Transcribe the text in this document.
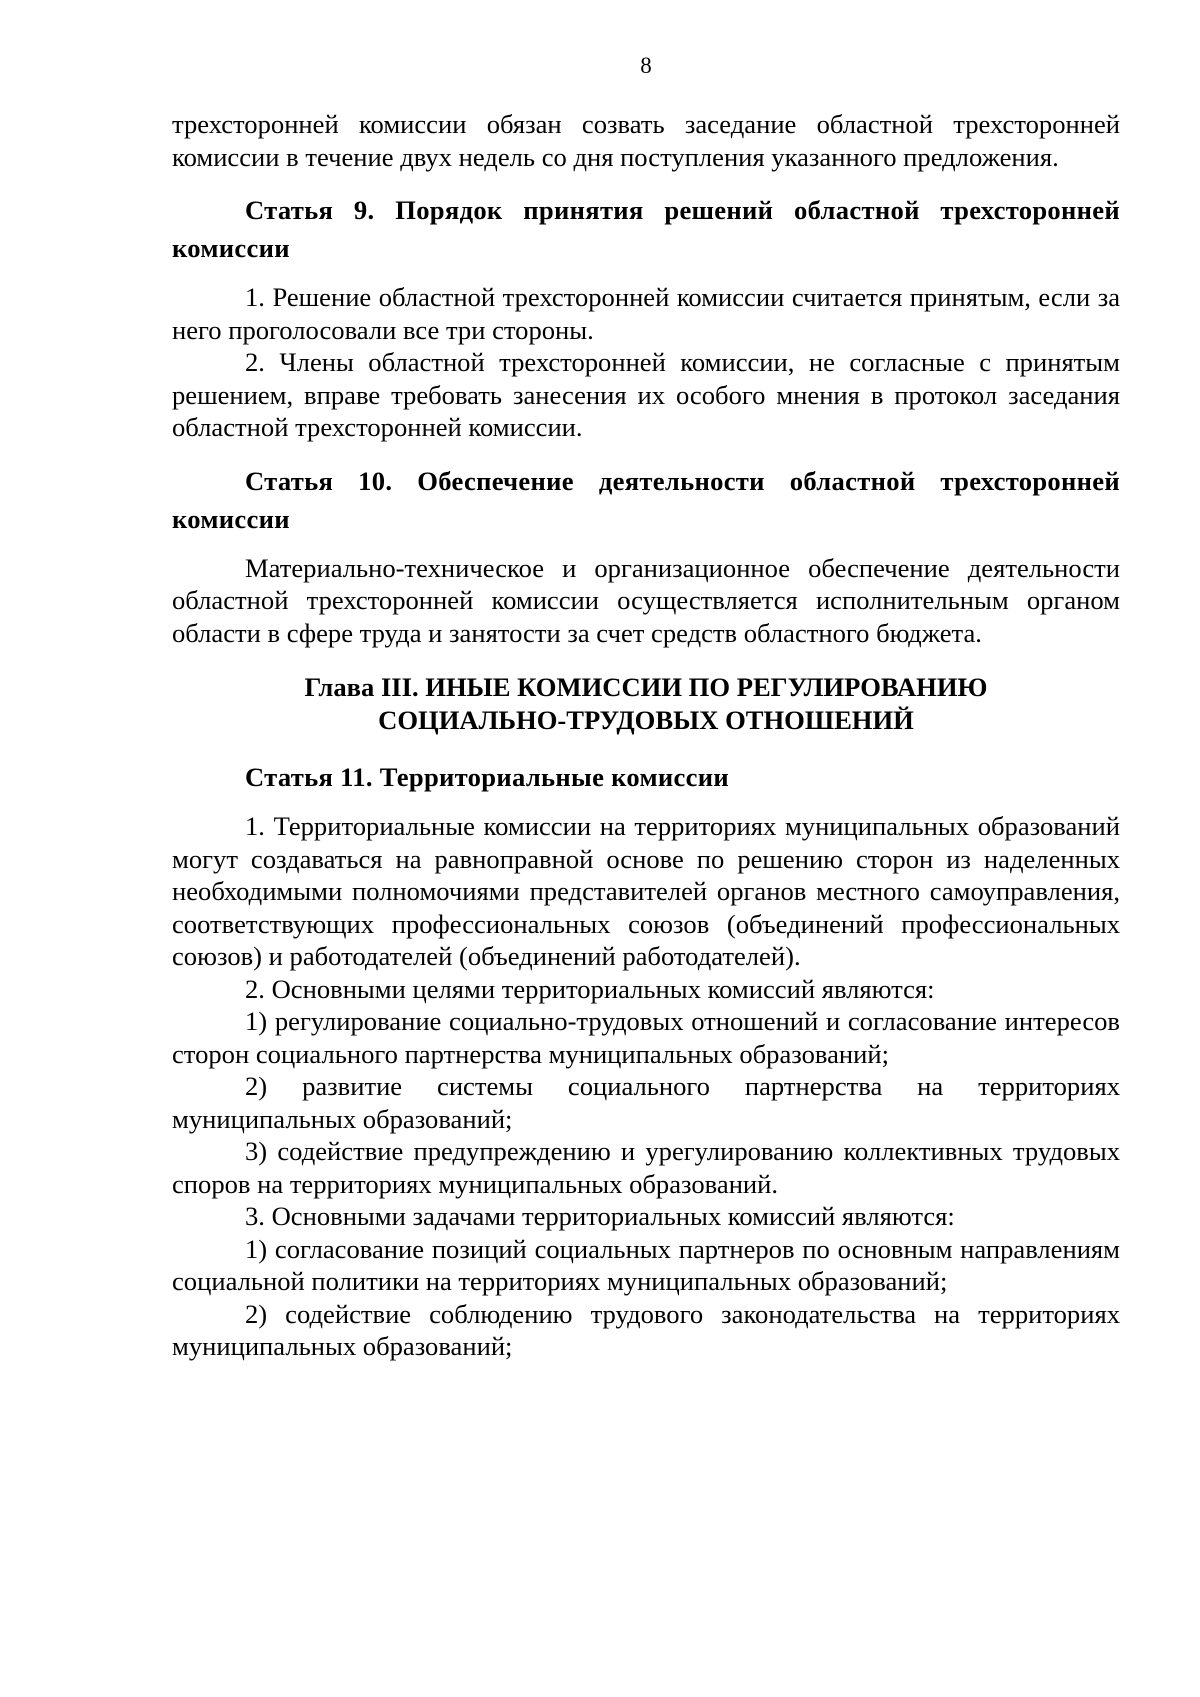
8

трехсторонней комиссии обязан созвать заседание областной трехсторонней комиссии в течение двух недель со дня поступления указанного предложения.

Статья 9. Порядок принятия решений областной трехсторонней комиссии

1. Решение областной трехсторонней комиссии считается принятым, если за него проголосовали все три стороны.

2. Члены областной трехсторонней комиссии, не согласные с принятым решением, вправе требовать занесения их особого мнения в протокол заседания областной трехсторонней комиссии.

Статья 10. Обеспечение деятельности областной трехсторонней комиссии

Материально-техническое и организационное обеспечение деятельности областной трехсторонней комиссии осуществляется исполнительным органом области в сфере труда и занятости за счет средств областного бюджета.

Глава III. ИНЫЕ КОМИССИИ ПО РЕГУЛИРОВАНИЮ
СОЦИАЛЬНО-ТРУДОВЫХ ОТНОШЕНИЙ
Статья 11. Территориальные комиссии

1. Территориальные комиссии на территориях муниципальных образований могут создаваться на равноправной основе по решению сторон из наделенных необходимыми полномочиями представителей органов местного самоуправления, соответствующих профессиональных союзов (объединений профессиональных союзов) и работодателей (объединений работодателей).

2. Основными целями территориальных комиссий являются:

1) регулирование социально-трудовых отношений и согласование интересов сторон социального партнерства муниципальных образований;

2) развитие системы социального партнерства на территориях муниципальных образований;

3) содействие предупреждению и урегулированию коллективных трудовых споров на территориях муниципальных образований.

3. Основными задачами территориальных комиссий являются:

1) согласование позиций социальных партнеров по основным направлениям социальной политики на территориях муниципальных образований;

2) содействие соблюдению трудового законодательства на территориях муниципальных образований;
